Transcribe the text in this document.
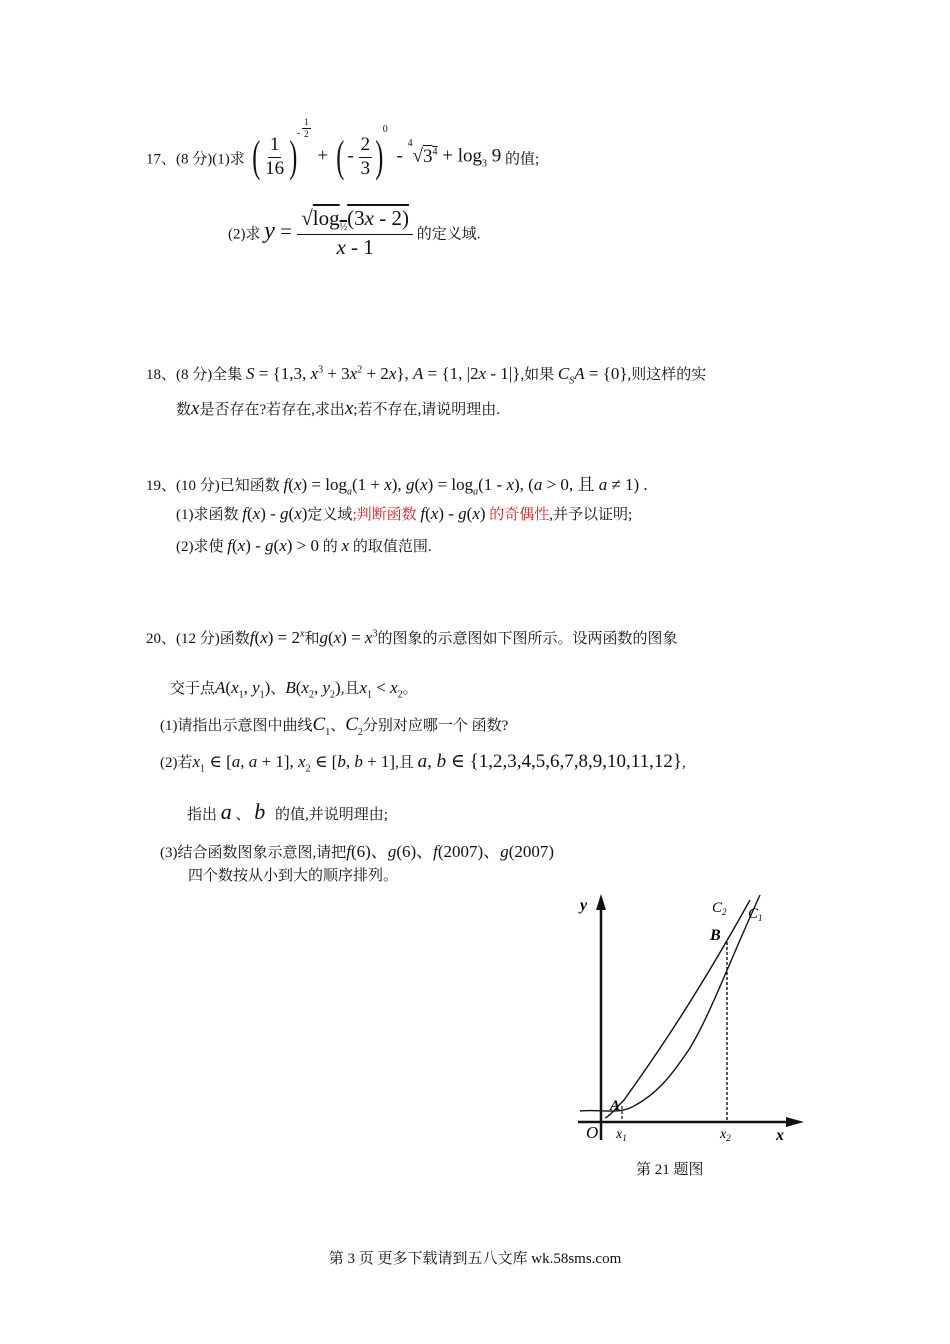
17、(8 分)(1)求 ( $\frac{1}{16} )^-$ $^{\frac{1}{2}}$
+ ( - $\frac{2}{3} )^0 - ^4√3^4 + \log_3 9$ 的值;
(2)求 $y = \frac{√\log_{\frac{1}{2}}(3x - 2)}{x - 1}$ 的定义域.
18、(8 分)全集 S = {1,3, $x^3 + 3x^2 + 2x$}, A = {1, |2x - 1|},如果 $C_SA = \{0\}$,则这样的实
数x是否存在?若存在,求出x;若不存在,请说明理由.
19、(10 分)已知函数 $f(x) = \log_a(1 + x)$, $g(x) = \log_a(1 - x)$, (a > 0, 且 a ≠ 1) .
(1)求函数 f(x) - g(x)定义域;判断函数 f(x) - g(x) 的奇偶性,并予以证明;
(2)求使 f(x) - g(x) > 0 的 x 的取值范围.
20、(12 分)函数$f(x) = 2^x$和$g(x) = x^3$的图象的示意图如下图所示。设两函数的图象
交于点$A(x_1$, $y_1$)、$B(x_2$, $y_2$),且$x_1 < x_2$。
(1)请指出示意图中曲线$C_1$、$C_2$分别对应哪一个 函数?
(2)若$x_1$ ∈ [a, a + 1], $x_2$ ∈ [b, b + 1],且 a, b ∈ {1,2,3,4,5,6,7,8,9,10,11,12},
指出 a 、 b 的值,并说明理由;
(3)结合函数图象示意图,请把f(6)、g(6)、f(2007)、g(2007)
四个数按从小到大的顺序排列。
y
x
O
A
B
$C_2$ $C_1$
$x_1$	$x_2$
第 21 题图
第 3 页 更多下载请到五八文库 wk.58sms.com
